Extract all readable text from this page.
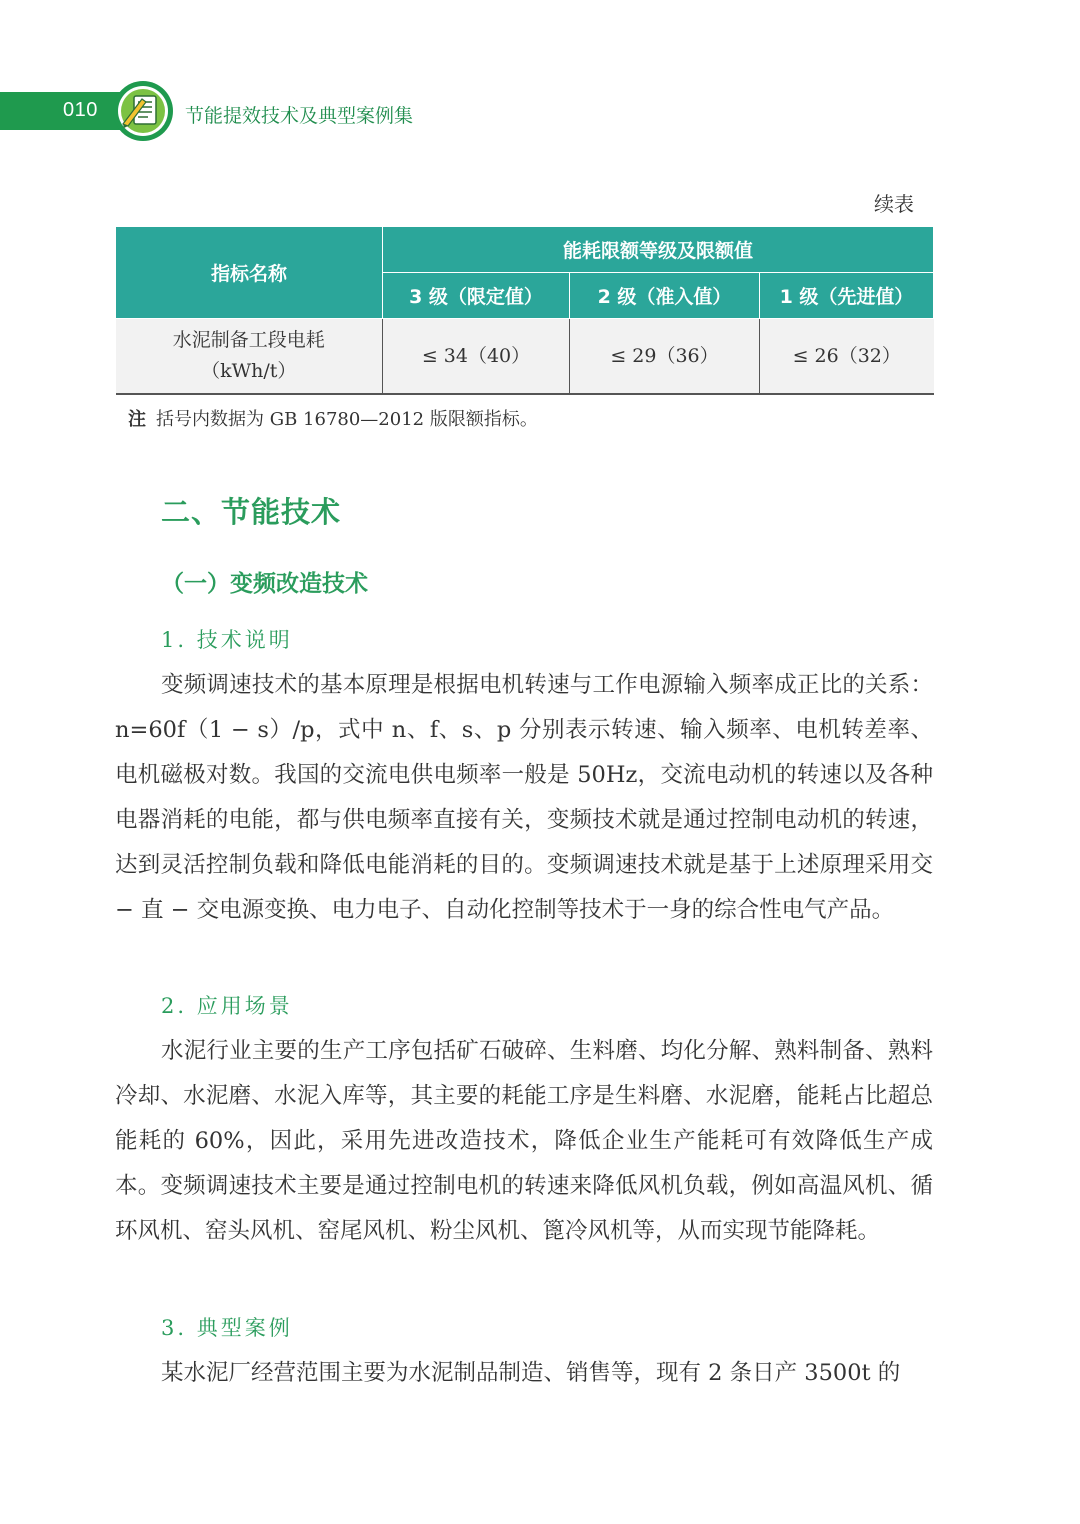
010	节能提效技术及典型案例集
续表
指标名称	能耗限额等级及限额值		
	3 级（限定值）	2 级（准入值）	1 级（先进值）

水泥制备工段电耗
（kWh/t）	≤ 34（40）	≤ 29（36）	≤ 26（32）
注 括号内数据为 GB 16780—2012 版限额指标。
二、节能技术
（一）变频改造技术
1. 技术说明

变频调速技术的基本原理是根据电机转速与工作电源输入频率成正比的关系：n=60f（1 − s）/p，式中 n、f、s、p 分别表示转速、输入频率、电机转差率、电机磁极对数。我国的交流电供电频率一般是 50Hz，交流电动机的转速以及各种电器消耗的电能，都与供电频率直接有关，变频技术就是通过控制电动机的转速，达到灵活控制负载和降低电能消耗的目的。变频调速技术就是基于上述原理采用交 − 直 − 交电源变换、电力电子、自动化控制等技术于一身的综合性电气产品。

2. 应用场景

水泥行业主要的生产工序包括矿石破碎、生料磨、均化分解、熟料制备、熟料冷却、水泥磨、水泥入库等，其主要的耗能工序是生料磨、水泥磨，能耗占比超总能耗的 60%，因此，采用先进改造技术，降低企业生产能耗可有效降低生产成本。变频调速技术主要是通过控制电机的转速来降低风机负载，例如高温风机、循环风机、窑头风机、窑尾风机、粉尘风机、篦冷风机等，从而实现节能降耗。

3. 典型案例

某水泥厂经营范围主要为水泥制品制造、销售等，现有 2 条日产 3500t 的
